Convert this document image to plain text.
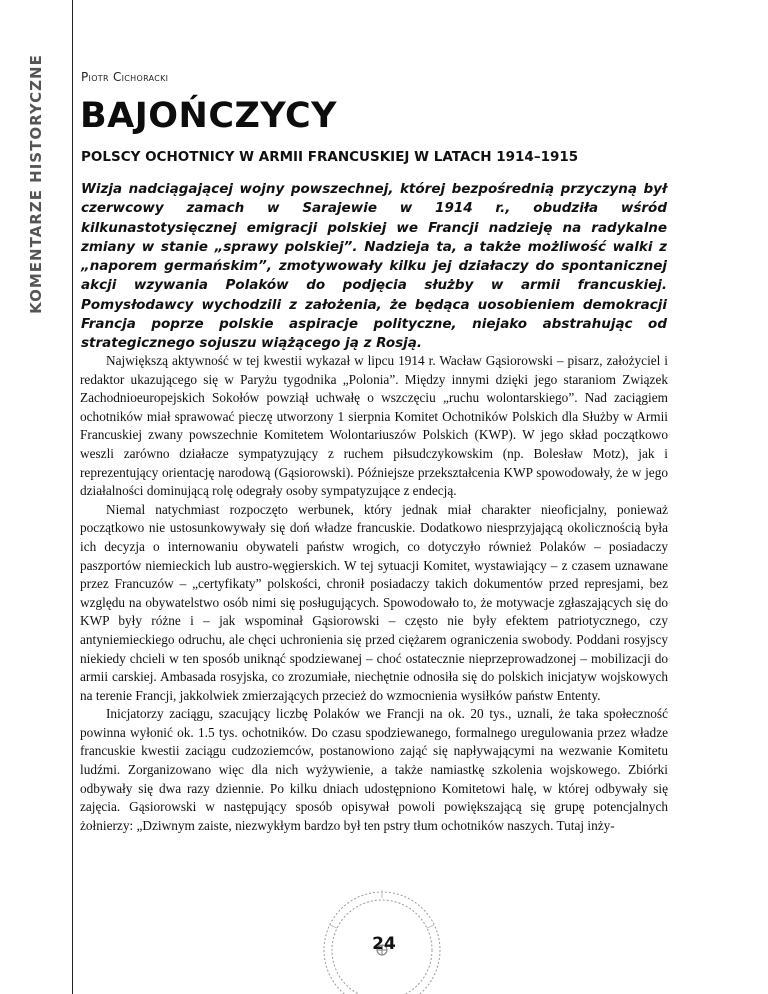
KOMENTARZE HISTORYCZNE	Piotr Cichoracki
BAJOŃCZYCY
POLSCY OCHOTNICY W ARMII FRANCUSKIEJ W LATACH 1914–1915

Wizja nadciągającej wojny powszechnej, której bezpośrednią przyczyną był czerwcowy zamach w Sarajewie w 1914 r., obudziła wśród kilkunastotysięcznej emigracji polskiej we Francji nadzieję na radykalne zmiany w stanie „sprawy polskiej”. Nadzieja ta, a także możliwość walki z „naporem germańskim”, zmotywowały kilku jej działaczy do spontanicznej akcji wzywania Polaków do podjęcia służby w armii francuskiej. Pomysłodawcy wychodzili z założenia, że będąca uosobieniem demokracji Francja poprze polskie aspiracje polityczne, niejako abstrahując od strategicznego sojuszu wiążącego ją z Rosją.

Największą aktywność w tej kwestii wykazał w lipcu 1914 r. Wacław Gąsiorowski – pisarz, założyciel i redaktor ukazującego się w Paryżu tygodnika „Polonia”. Między innymi dzięki jego staraniom Związek Zachodnioeuropejskich Sokołów powziął uchwałę o wszczęciu „ruchu wolontarskiego”. Nad zaciągiem ochotników miał sprawować pieczę utworzony 1 sierpnia Komitet Ochotników Polskich dla Służby w Armii Francuskiej zwany powszechnie Komitetem Wolontariuszów Polskich (KWP). W jego skład początkowo weszli zarówno działacze sympatyzujący z ruchem piłsudczykowskim (np. Bolesław Motz), jak i reprezentujący orientację narodową (Gąsiorowski). Późniejsze przekształcenia KWP spowodowały, że w jego działalności dominującą rolę odegrały osoby sympatyzujące z endecją.

Niemal natychmiast rozpoczęto werbunek, który jednak miał charakter nieoficjalny, ponieważ początkowo nie ustosunkowywały się doń władze francuskie. Dodatkowo niesprzyjającą okolicznością była ich decyzja o internowaniu obywateli państw wrogich, co dotyczyło również Polaków – posiadaczy paszportów niemieckich lub austro-węgierskich. W tej sytuacji Komitet, wystawiający – z czasem uznawane przez Francuzów – „certyfikaty” polskości, chronił posiadaczy takich dokumentów przed represjami, bez względu na obywatelstwo osób nimi się posługujących. Spowodowało to, że motywacje zgłaszających się do KWP były różne i – jak wspominał Gąsiorowski – często nie były efektem patriotycznego, czy antyniemieckiego odruchu, ale chęci uchronienia się przed ciężarem ograniczenia swobody. Poddani rosyjscy niekiedy chcieli w ten sposób uniknąć spodziewanej – choć ostatecznie nieprzeprowadzonej – mobilizacji do armii carskiej. Ambasada rosyjska, co zrozumiałe, niechętnie odnosiła się do polskich inicjatyw wojskowych na terenie Francji, jakkolwiek zmierzających przecież do wzmocnienia wysiłków państw Ententy.

Inicjatorzy zaciągu, szacujący liczbę Polaków we Francji na ok. 20 tys., uznali, że taka społeczność powinna wyłonić ok. 1.5 tys. ochotników. Do czasu spodziewanego, formalnego uregulowania przez władze francuskie kwestii zaciągu cudzoziemców, postanowiono zająć się napływającymi na wezwanie Komitetu ludźmi. Zorganizowano więc dla nich wyżywienie, a także namiastkę szkolenia wojskowego. Zbiórki odbywały się dwa razy dziennie. Po kilku dniach udostępniono Komitetowi halę, w której odbywały się zajęcia. Gąsiorowski w następujący sposób opisywał powoli powiększającą się grupę potencjalnych żołnierzy: „Dziwnym zaiste, niezwykłym bardzo był ten pstry tłum ochotników naszych. Tutaj inży-

24
